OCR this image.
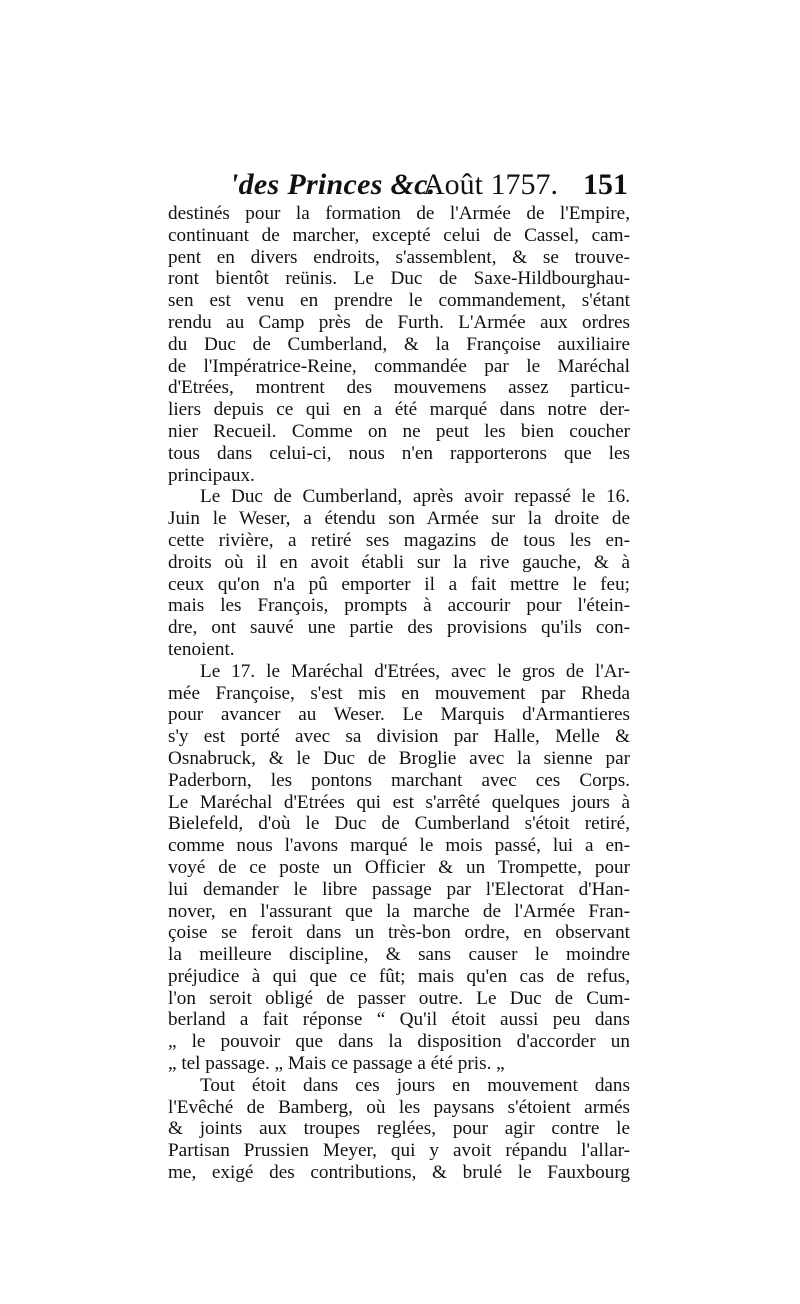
'des Princes &c.
Août 1757. 151
destinés pour la formation de l'Armée de l'Empire,
continuant de marcher, excepté celui de Cassel, cam-
pent en divers endroits, s'assemblent, & se trouve-
ront bientôt reünis. Le Duc de Saxe-Hildbourghau-
sen est venu en prendre le commandement, s'étant
rendu au Camp près de Furth. L'Armée aux ordres
du Duc de Cumberland, & la Françoise auxiliaire
de l'Impératrice-Reine, commandée par le Maréchal
d'Etrées, montrent des mouvemens assez particu-
liers depuis ce qui en a été marqué dans notre der-
nier Recueil. Comme on ne peut les bien coucher
tous dans celui-ci, nous n'en rapporterons que les
principaux.
Le Duc de Cumberland, après avoir repassé le 16.
Juin le Weser, a étendu son Armée sur la droite de
cette rivière, a retiré ses magazins de tous les en-
droits où il en avoit établi sur la rive gauche, & à
ceux qu'on n'a pû emporter il a fait mettre le feu;
mais les François, prompts à accourir pour l'étein-
dre, ont sauvé une partie des provisions qu'ils con-
tenoient.
Le 17. le Maréchal d'Etrées, avec le gros de l'Ar-
mée Françoise, s'est mis en mouvement par Rheda
pour avancer au Weser. Le Marquis d'Armantieres
s'y est porté avec sa division par Halle, Melle &
Osnabruck, & le Duc de Broglie avec la sienne par
Paderborn, les pontons marchant avec ces Corps.
Le Maréchal d'Etrées qui est s'arrêté quelques jours à
Bielefeld, d'où le Duc de Cumberland s'étoit retiré,
comme nous l'avons marqué le mois passé, lui a en-
voyé de ce poste un Officier & un Trompette, pour
lui demander le libre passage par l'Electorat d'Han-
nover, en l'assurant que la marche de l'Armée Fran-
çoise se feroit dans un très-bon ordre, en observant
la meilleure discipline, & sans causer le moindre
préjudice à qui que ce fût; mais qu'en cas de refus,
l'on seroit obligé de passer outre. Le Duc de Cum-
berland a fait réponse “ Qu'il étoit aussi peu dans
„ le pouvoir que dans la disposition d'accorder un
„ tel passage. „ Mais ce passage a été pris. „
Tout étoit dans ces jours en mouvement dans
l'Evêché de Bamberg, où les paysans s'étoient armés
& joints aux troupes reglées, pour agir contre le
Partisan Prussien Meyer, qui y avoit répandu l'allar-
me, exigé des contributions, & brulé le Fauxbourg
